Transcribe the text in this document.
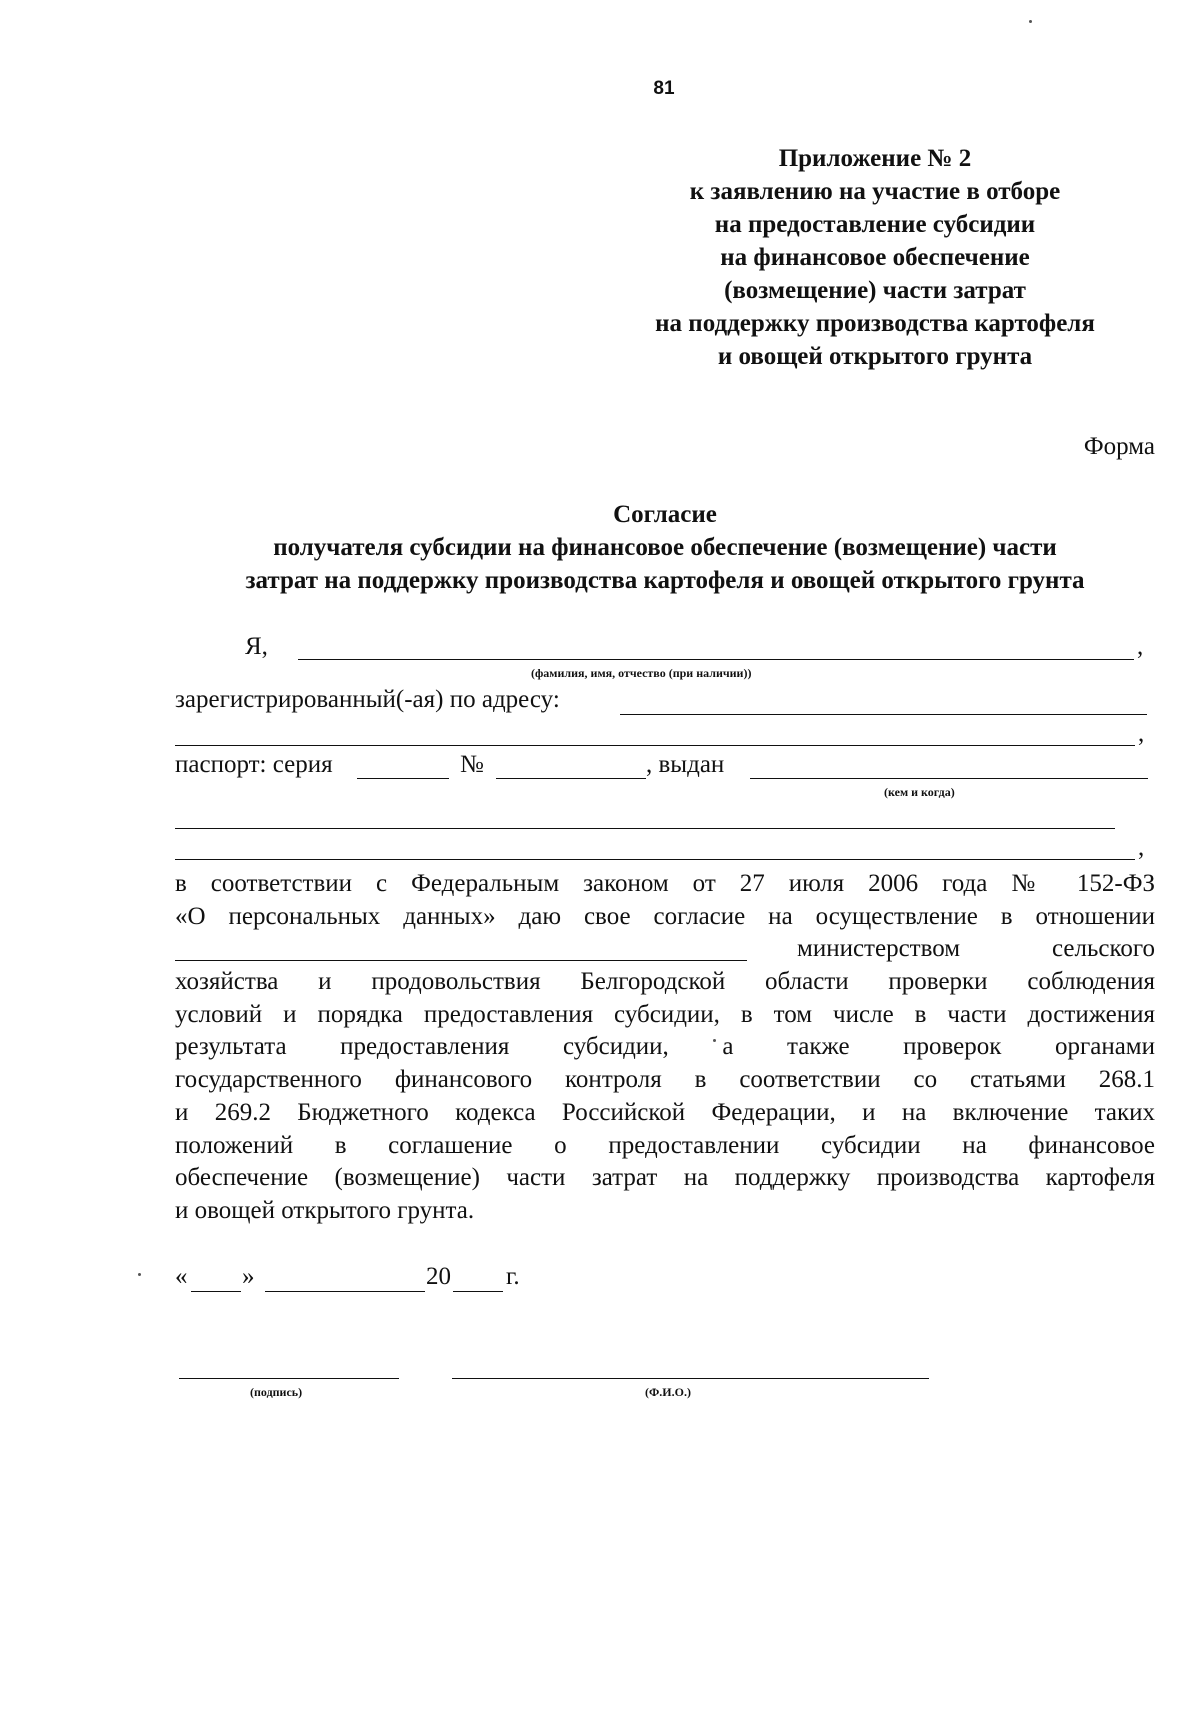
81
Приложение № 2
к заявлению на участие в отборе
на предоставление субсидии
на финансовое обеспечение
(возмещение) части затрат
на поддержку производства картофеля
и овощей открытого грунта
Форма
Согласие
получателя субсидии на финансовое обеспечение (возмещение) части
затрат на поддержку производства картофеля и овощей открытого грунта
Я,	,
(фамилия, имя, отчество (при наличии))
зарегистрированный(-ая) по адресу:
,
паспорт: серия	№	, выдан
(кем и когда)
,
в соответствии с Федеральным законом от 27 июля 2006 года № 152-ФЗ
«О персональных данных» даю свое согласие на осуществление в отношении
министерством сельского
хозяйства и продовольствия Белгородской области проверки соблюдения
условий и порядка предоставления субсидии, в том числе в части достижения
результата предоставления субсидии, а также проверок органами
государственного финансового контроля в соответствии со статьями 268.1
и 269.2 Бюджетного кодекса Российской Федерации, и на включение таких
положений в соглашение о предоставлении субсидии на финансовое
обеспечение (возмещение) части затрат на поддержку производства картофеля
и овощей открытого грунта.
« »	20 г.
(подпись)	(Ф.И.О.)
